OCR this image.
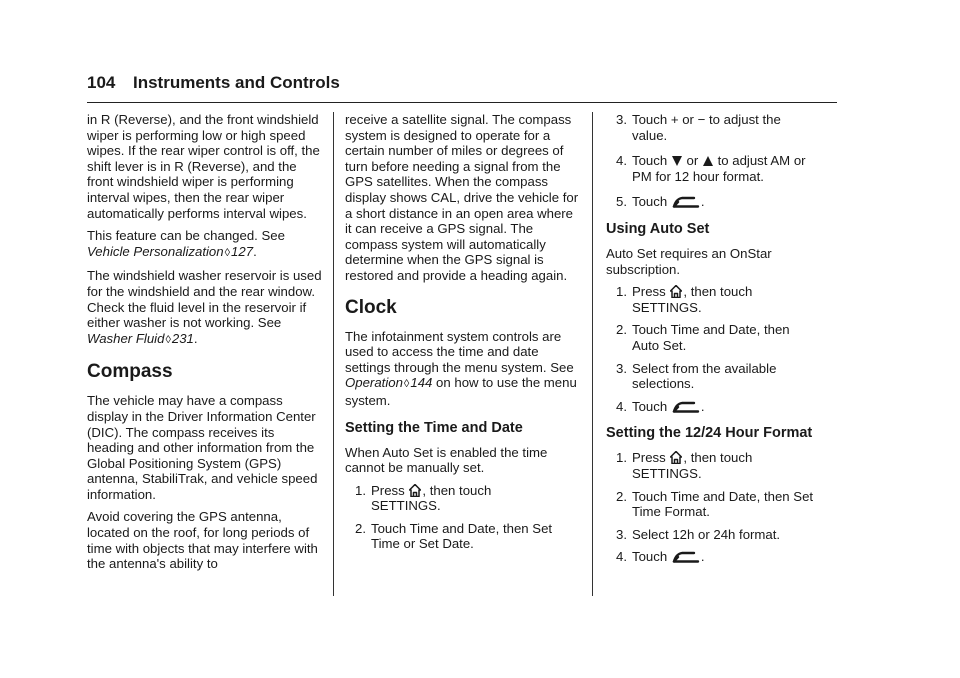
104 Instruments and Controls

in R (Reverse), and the front windshield wiper is performing low or high speed wipes. If the rear wiper control is off, the shift lever is in R (Reverse), and the front windshield wiper is performing interval wipes, then the rear wiper automatically performs interval wipes.

This feature can be changed. See Vehicle Personalization◊127.

The windshield washer reservoir is used for the windshield and the rear window. Check the fluid level in the reservoir if either washer is not working. See Washer Fluid◊231.

Compass

The vehicle may have a compass display in the Driver Information Center (DIC). The compass receives its heading and other information from the Global Positioning System (GPS) antenna, StabiliTrak, and vehicle speed information.

Avoid covering the GPS antenna, located on the roof, for long periods of time with objects that may interfere with the antenna's ability to

receive a satellite signal. The compass system is designed to operate for a certain number of miles or degrees of turn before needing a signal from the GPS satellites. When the compass display shows CAL, drive the vehicle for a short distance in an open area where it can receive a GPS signal. The compass system will automatically determine when the GPS signal is restored and provide a heading again.

Clock

The infotainment system controls are used to access the time and date settings through the menu system. See Operation◊144 on how to use the menu system.

Setting the Time and Date

When Auto Set is enabled the time cannot be manually set.

1. Press , then touch
SETTINGS.
2. Touch Time and Date, then Set
Time or Set Date.
3. Touch + or − to adjust the
value.
4. Touch  or  to adjust AM or
PM for 12 hour format.
5. Touch .
Using Auto Set

Auto Set requires an OnStar subscription.

1. Press , then touch
SETTINGS.
2. Touch Time and Date, then
Auto Set.
3. Select from the available
selections.
4. Touch .
Setting the 12/24 Hour Format
1. Press , then touch
SETTINGS.
2. Touch Time and Date, then Set
Time Format.
3. Select 12h or 24h format.
4. Touch .
